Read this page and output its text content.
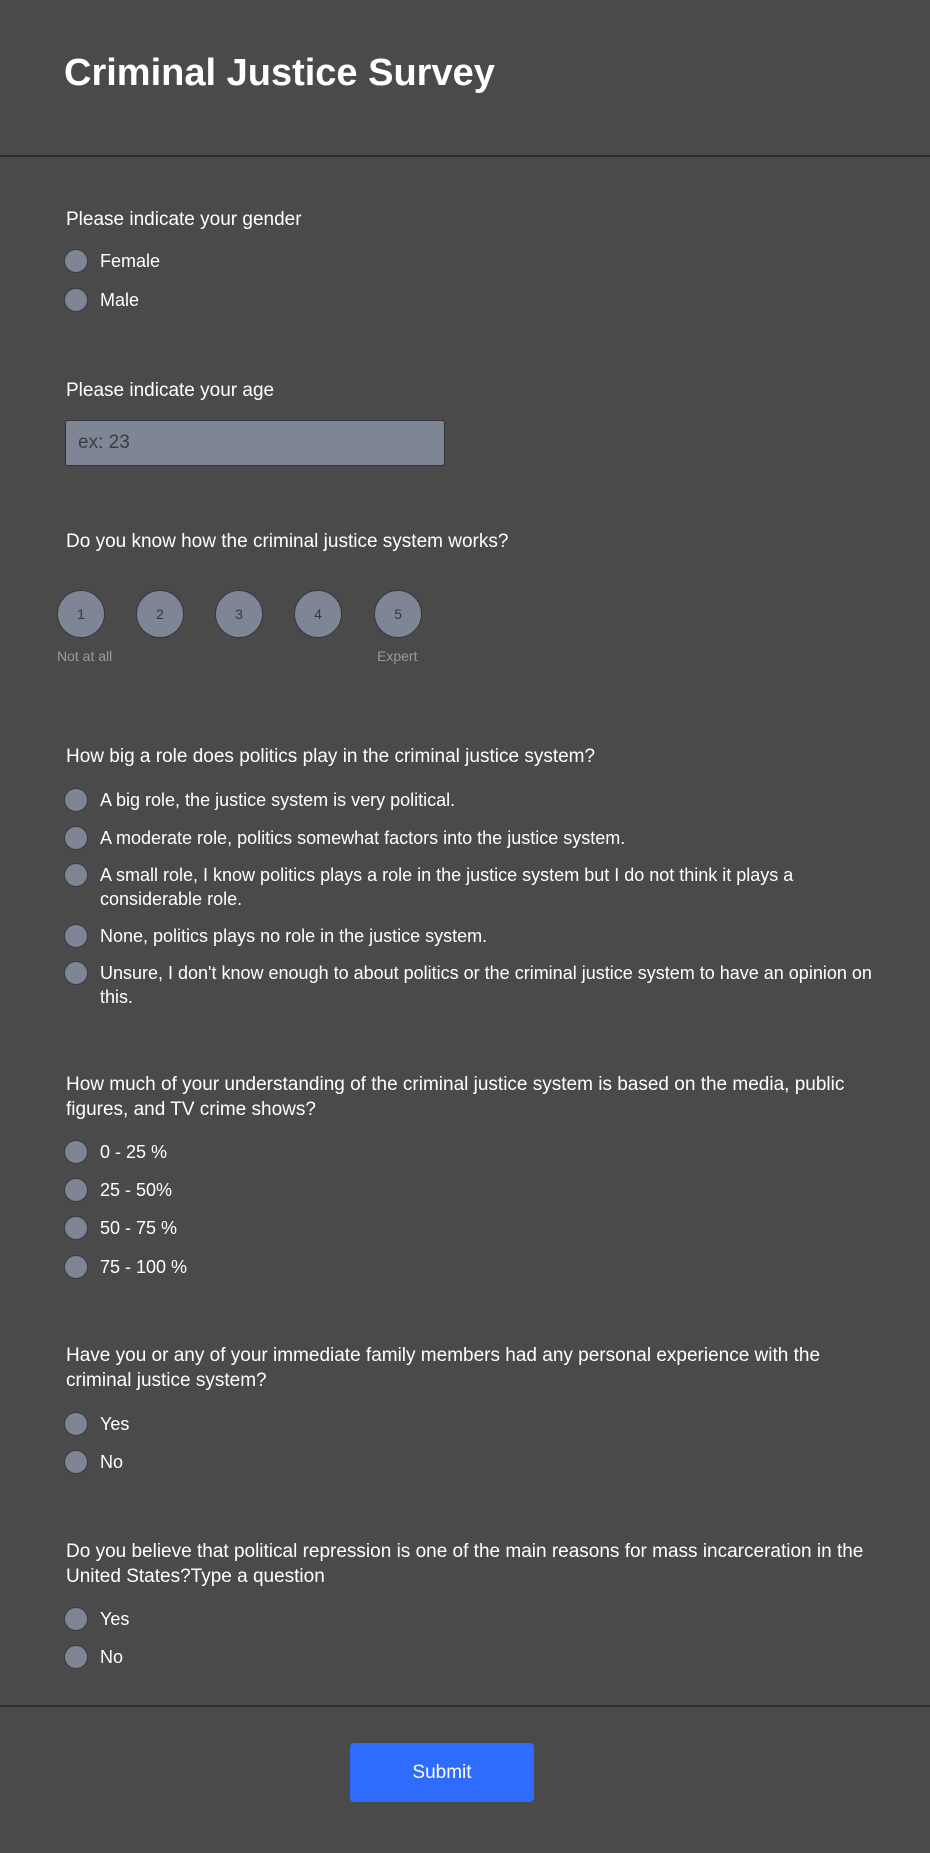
Criminal Justice Survey
Please indicate your gender
Female
Male
Please indicate your age
ex: 23
Do you know how the criminal justice system works?
1	2	3	4	5
Not at all	Expert
How big a role does politics play in the criminal justice system?
A big role, the justice system is very political.
A moderate role, politics somewhat factors into the justice system.
A small role, I know politics plays a role in the justice system but I do not think it plays a considerable role.
None, politics plays no role in the justice system.
Unsure, I don't know enough to about politics or the criminal justice system to have an opinion on this.
How much of your understanding of the criminal justice system is based on the media, public figures, and TV crime shows?
0 - 25 %
25 - 50%
50 - 75 %
75 - 100 %
Have you or any of your immediate family members had any personal experience with the criminal justice system?
Yes
No
Do you believe that political repression is one of the main reasons for mass incarceration in the United States?Type a question
Yes
No
Submit
